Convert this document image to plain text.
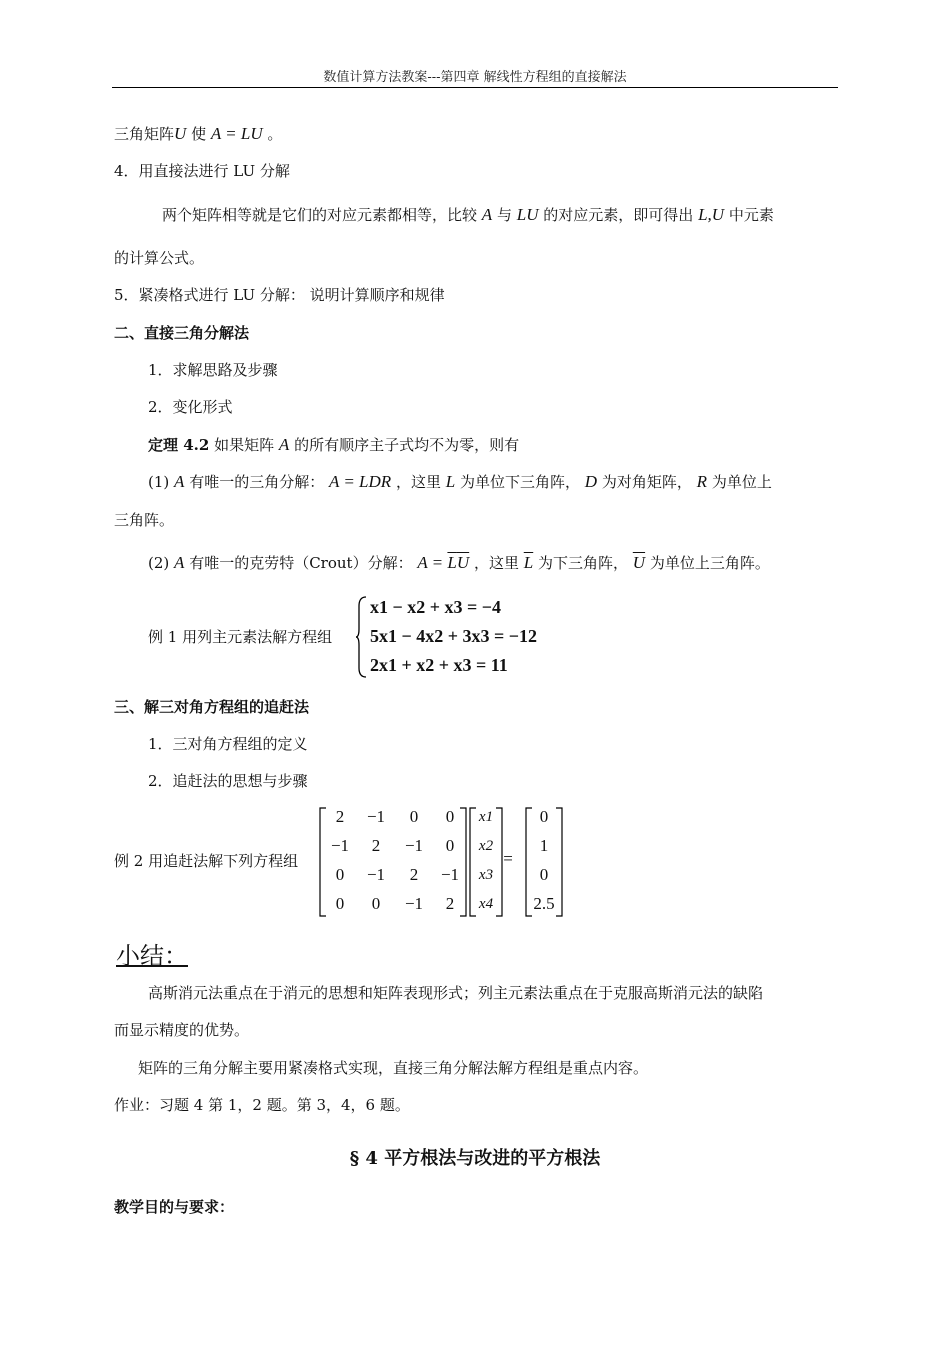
数值计算方法教案---第四章 解线性方程组的直接解法
三角矩阵U 使 A = LU 。
4．用直接法进行 LU 分解
两个矩阵相等就是它们的对应元素都相等，比较 A 与 LU 的对应元素，即可得出 L,U 中元素
的计算公式。
5．紧凑格式进行 LU 分解： 说明计算顺序和规律
二、直接三角分解法
1．求解思路及步骤
2．变化形式
定理 4.2 如果矩阵 A 的所有顺序主子式均不为零，则有
(1) A 有唯一的三角分解： A = LDR ，这里 L 为单位下三角阵， D 为对角矩阵， R 为单位上
三角阵。
(2) A 有唯一的克劳特（Crout）分解： $A = \overline{L}\overline{U}$ ，这里 $\overline{L}$ 为下三角阵， $\overline{U}$ 为单位上三角阵。
例 1 用列主元素法解方程组
x1 − x2 + x3 = −4
5x1 − 4x2 + 3x3 = −12
2x1 + x2 + x3 = 11
三、解三对角方程组的追赶法
1．三对角方程组的定义
2．追赶法的思想与步骤
例 2 用追赶法解下列方程组
2	−1	0	0
−1	2	−1	0
0	−1	2	−1
0	0	−1	2
x1
x2
x3
x4
0
1
0
2.5
=
小结：
高斯消元法重点在于消元的思想和矩阵表现形式；列主元素法重点在于克服高斯消元法的缺陷
而显示精度的优势。
矩阵的三角分解主要用紧凑格式实现，直接三角分解法解方程组是重点内容。
作业：习题 4 第 1，2 题。第 3，4，6 题。
§ 4 平方根法与改进的平方根法
教学目的与要求：
